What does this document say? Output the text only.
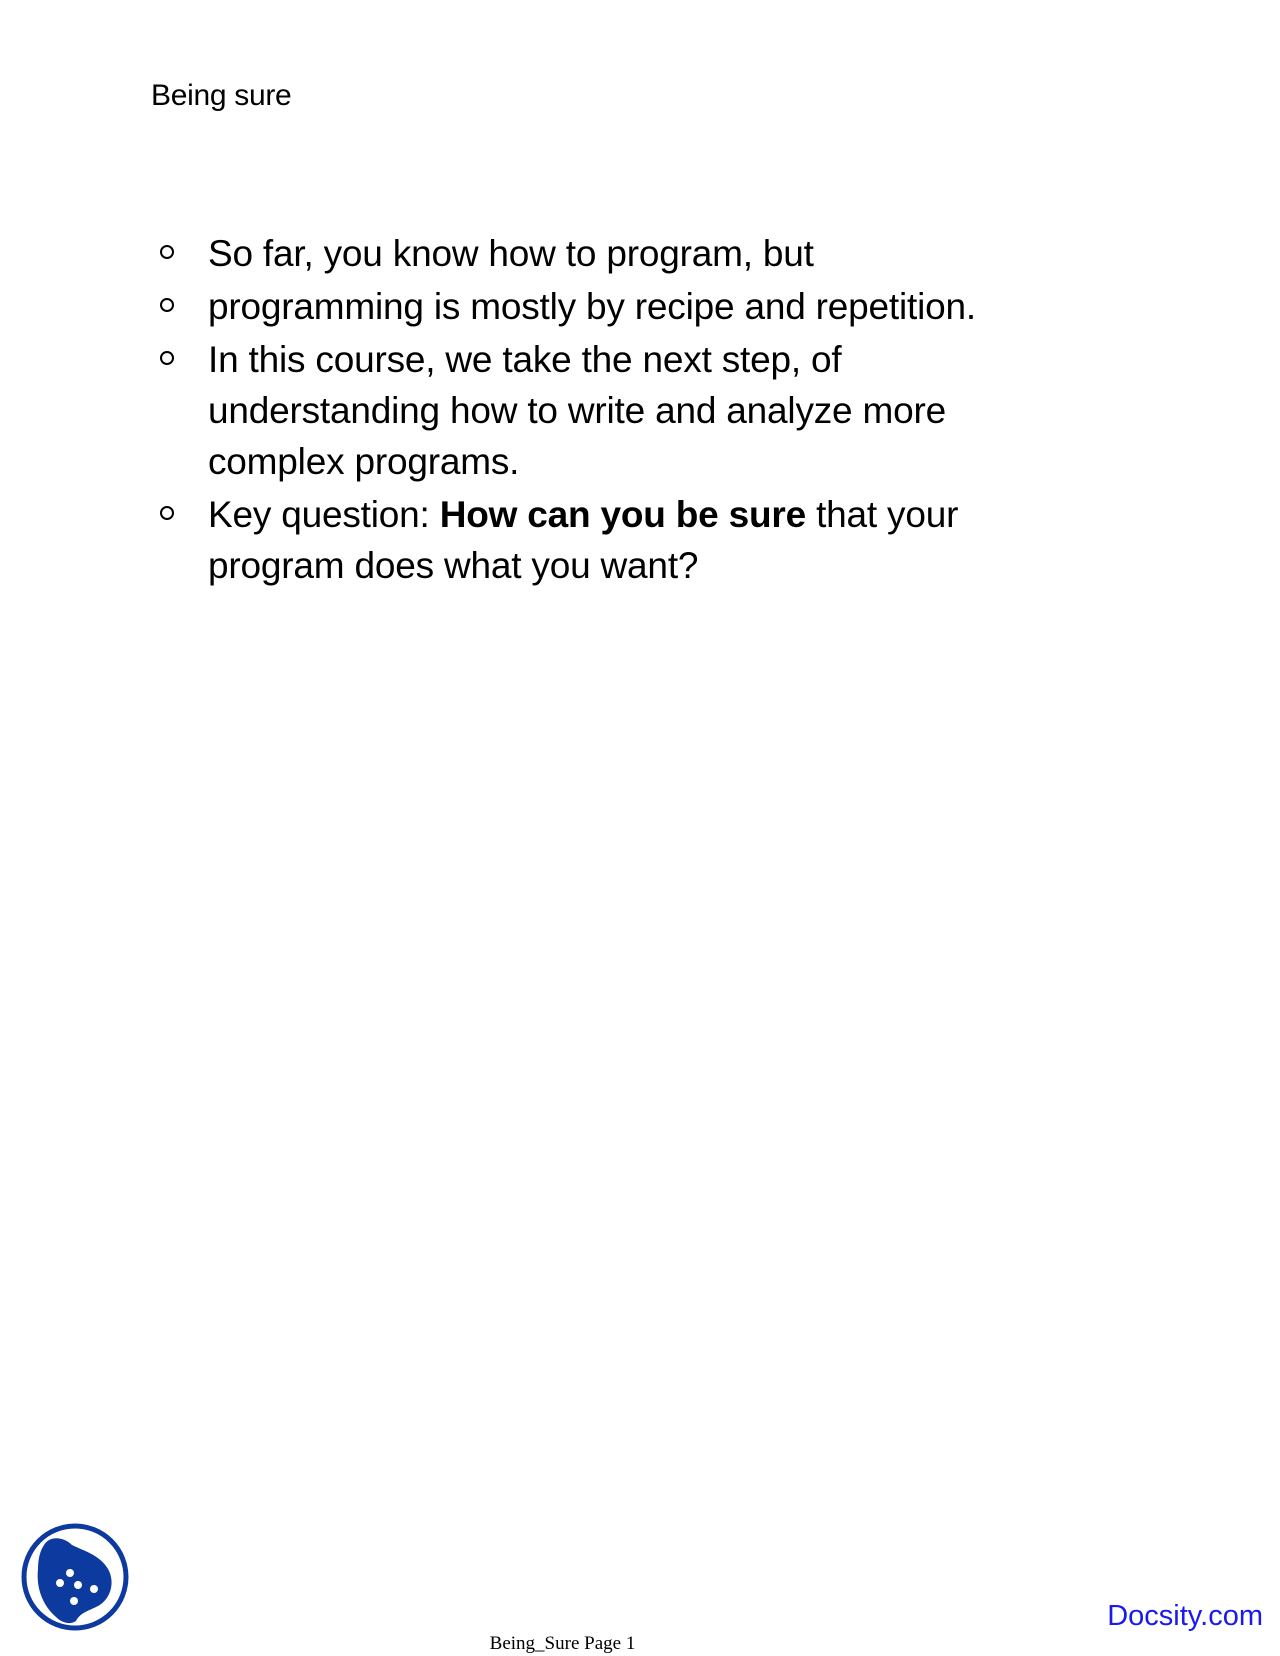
Being sure
So far, you know how to program, but
programming is mostly by recipe and repetition.
In this course, we take the next step, of understanding how to write and analyze more complex programs.
Key question: How can you be sure that your program does what you want?
Docsity.com
Being_Sure Page 1
